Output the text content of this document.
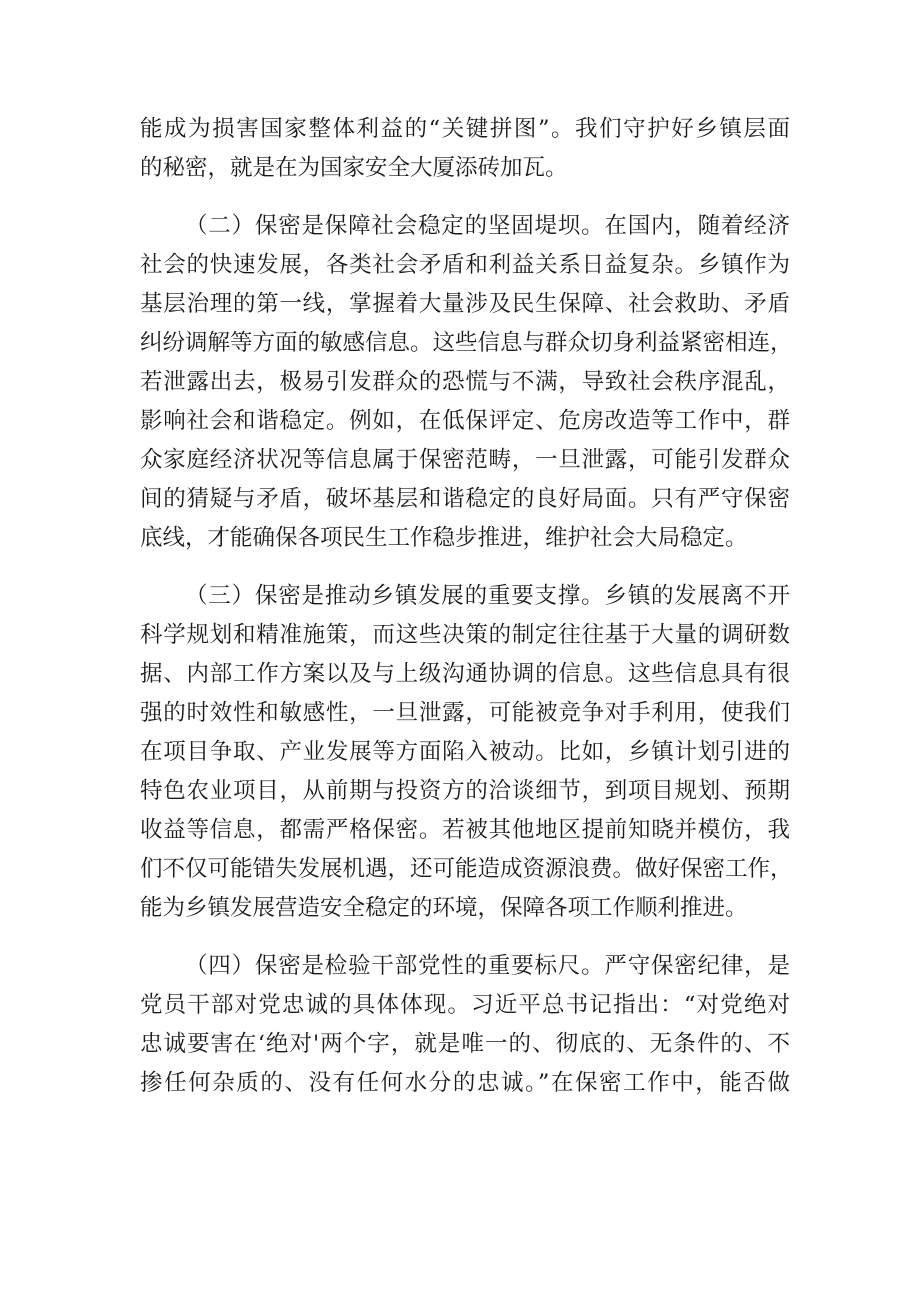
能成为损害国家整体利益的“关键拼图”。我们守护好乡镇层面
的秘密，就是在为国家安全大厦添砖加瓦。
（二）保密是保障社会稳定的坚固堤坝。在国内，随着经济
社会的快速发展，各类社会矛盾和利益关系日益复杂。乡镇作为
基层治理的第一线，掌握着大量涉及民生保障、社会救助、矛盾
纠纷调解等方面的敏感信息。这些信息与群众切身利益紧密相连，
若泄露出去，极易引发群众的恐慌与不满，导致社会秩序混乱，
影响社会和谐稳定。例如，在低保评定、危房改造等工作中，群
众家庭经济状况等信息属于保密范畴，一旦泄露，可能引发群众
间的猜疑与矛盾，破坏基层和谐稳定的良好局面。只有严守保密
底线，才能确保各项民生工作稳步推进，维护社会大局稳定。
（三）保密是推动乡镇发展的重要支撑。乡镇的发展离不开
科学规划和精准施策，而这些决策的制定往往基于大量的调研数
据、内部工作方案以及与上级沟通协调的信息。这些信息具有很
强的时效性和敏感性，一旦泄露，可能被竞争对手利用，使我们
在项目争取、产业发展等方面陷入被动。比如，乡镇计划引进的
特色农业项目，从前期与投资方的洽谈细节，到项目规划、预期
收益等信息，都需严格保密。若被其他地区提前知晓并模仿，我
们不仅可能错失发展机遇，还可能造成资源浪费。做好保密工作，
能为乡镇发展营造安全稳定的环境，保障各项工作顺利推进。
（四）保密是检验干部党性的重要标尺。严守保密纪律，是
党员干部对党忠诚的具体体现。习近平总书记指出：“对党绝对
忠诚要害在‘绝对'两个字，就是唯一的、彻底的、无条件的、不
掺任何杂质的、没有任何水分的忠诚。”在保密工作中，能否做
